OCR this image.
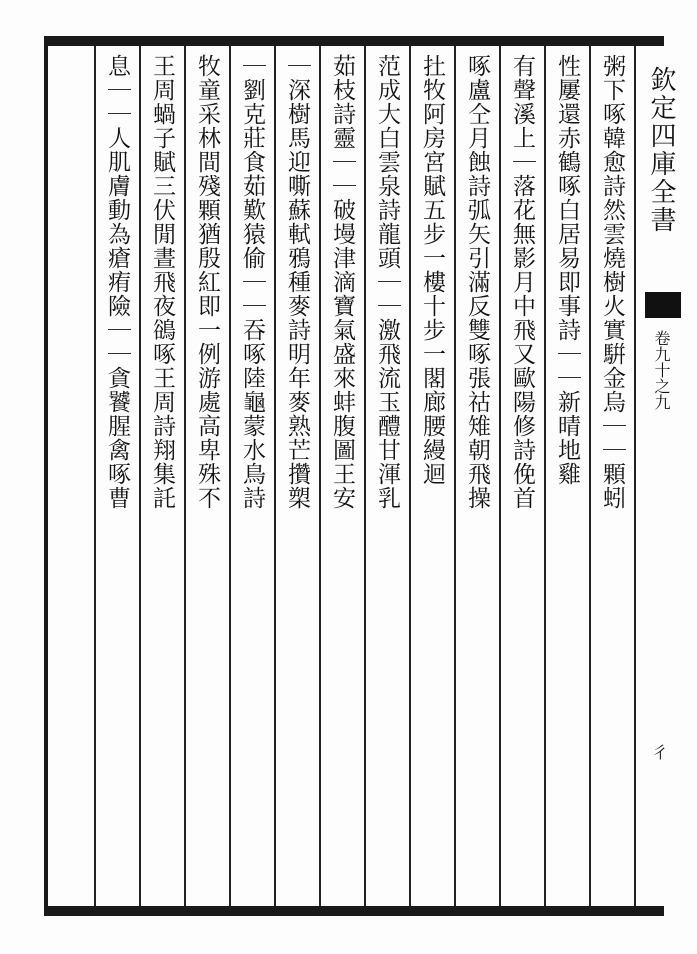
欽定四庫全書
卷九十之九
彳
粥下啄韓愈詩然雲燒樹火實騈金烏｜｜顆蚓
性屢還赤鶴啄白居易即事詩｜｜新晴地雞
有聲溪上｜落花無影月中飛又歐陽修詩俛首
啄盧仝月蝕詩弧矢引滿反雙啄張祜雉朝飛操
扗牧阿房宮賦五步一樓十步一閣廊腰縵迴
范成大白雲泉詩龍頭｜｜激飛流玉醴甘渾乳
茹枝詩靈｜｜破墁津滴寶氣盛來蚌腹圖王安
｜深樹馬迎嘶蘇軾鴉種麥詩明年麥熟芒攢槊
｜劉克莊食茹歎猿偷｜｜吞啄陸龜蒙水鳥詩
牧童采林間殘顆猶殷紅即一例游處高卑殊不
王周蝸子賦三伏閒晝飛夜鵒啄王周詩翔集託
息｜｜人肌膚動為瘡痏險｜｜貪饕腥禽啄曹
